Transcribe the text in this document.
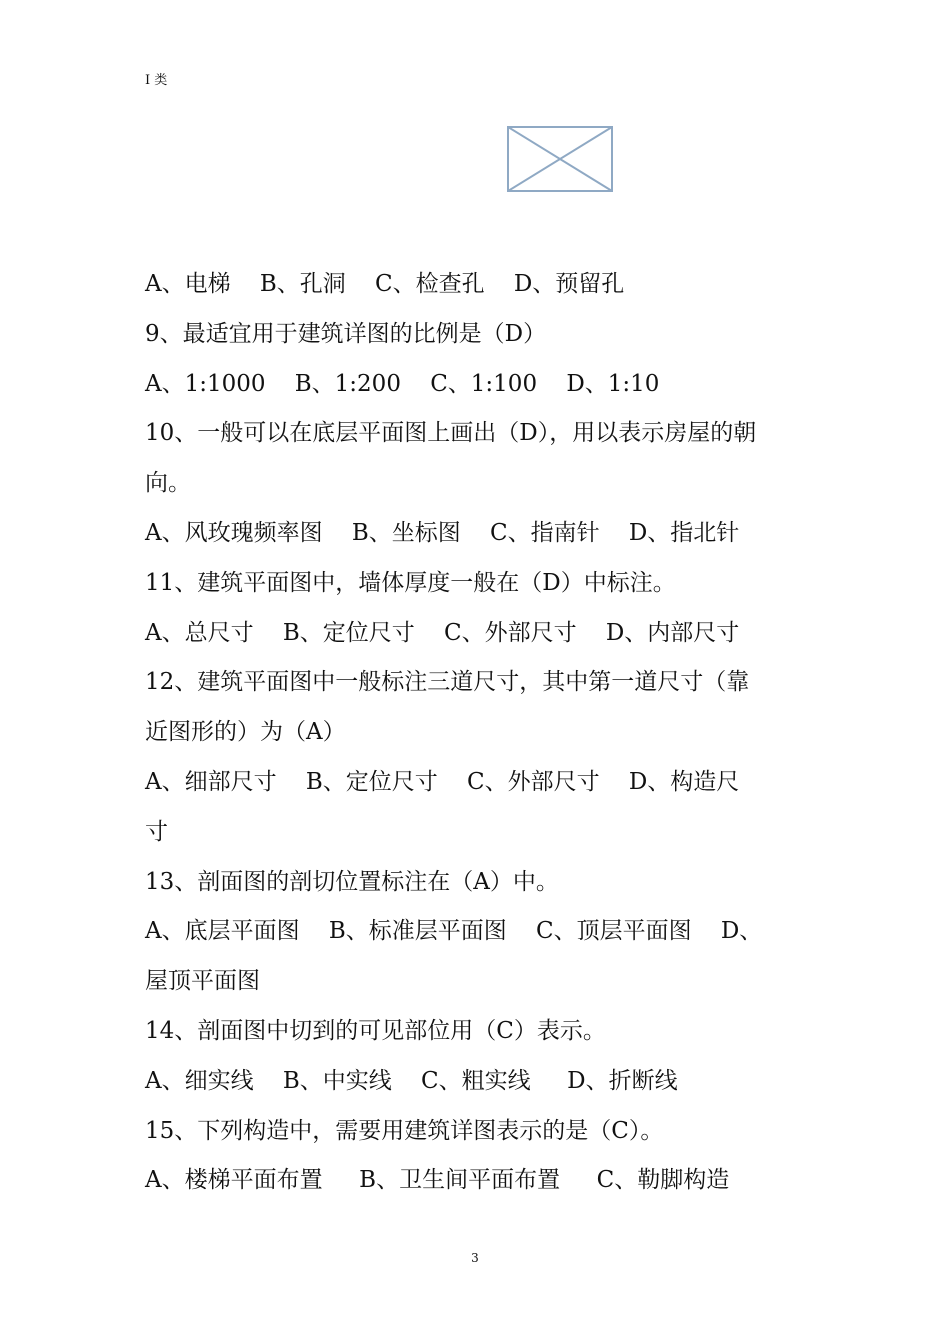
I 类
A、电梯    B、孔洞    C、检查孔    D、预留孔
9、最适宜用于建筑详图的比例是（D）
A、1:1000    B、1:200    C、1:100    D、1:10
10、一般可以在底层平面图上画出（D），用以表示房屋的朝
向。
A、风玫瑰频率图    B、坐标图    C、指南针    D、指北针
11、建筑平面图中，墙体厚度一般在（D）中标注。
A、总尺寸    B、定位尺寸    C、外部尺寸    D、内部尺寸
12、建筑平面图中一般标注三道尺寸，其中第一道尺寸（靠
近图形的）为（A）
A、细部尺寸    B、定位尺寸    C、外部尺寸    D、构造尺
寸
13、剖面图的剖切位置标注在（A）中。
A、底层平面图    B、标准层平面图    C、顶层平面图    D、
屋顶平面图
14、剖面图中切到的可见部位用（C）表示。
A、细实线    B、中实线    C、粗实线     D、折断线
15、下列构造中，需要用建筑详图表示的是（C）。
A、楼梯平面布置     B、卫生间平面布置     C、勒脚构造
3
